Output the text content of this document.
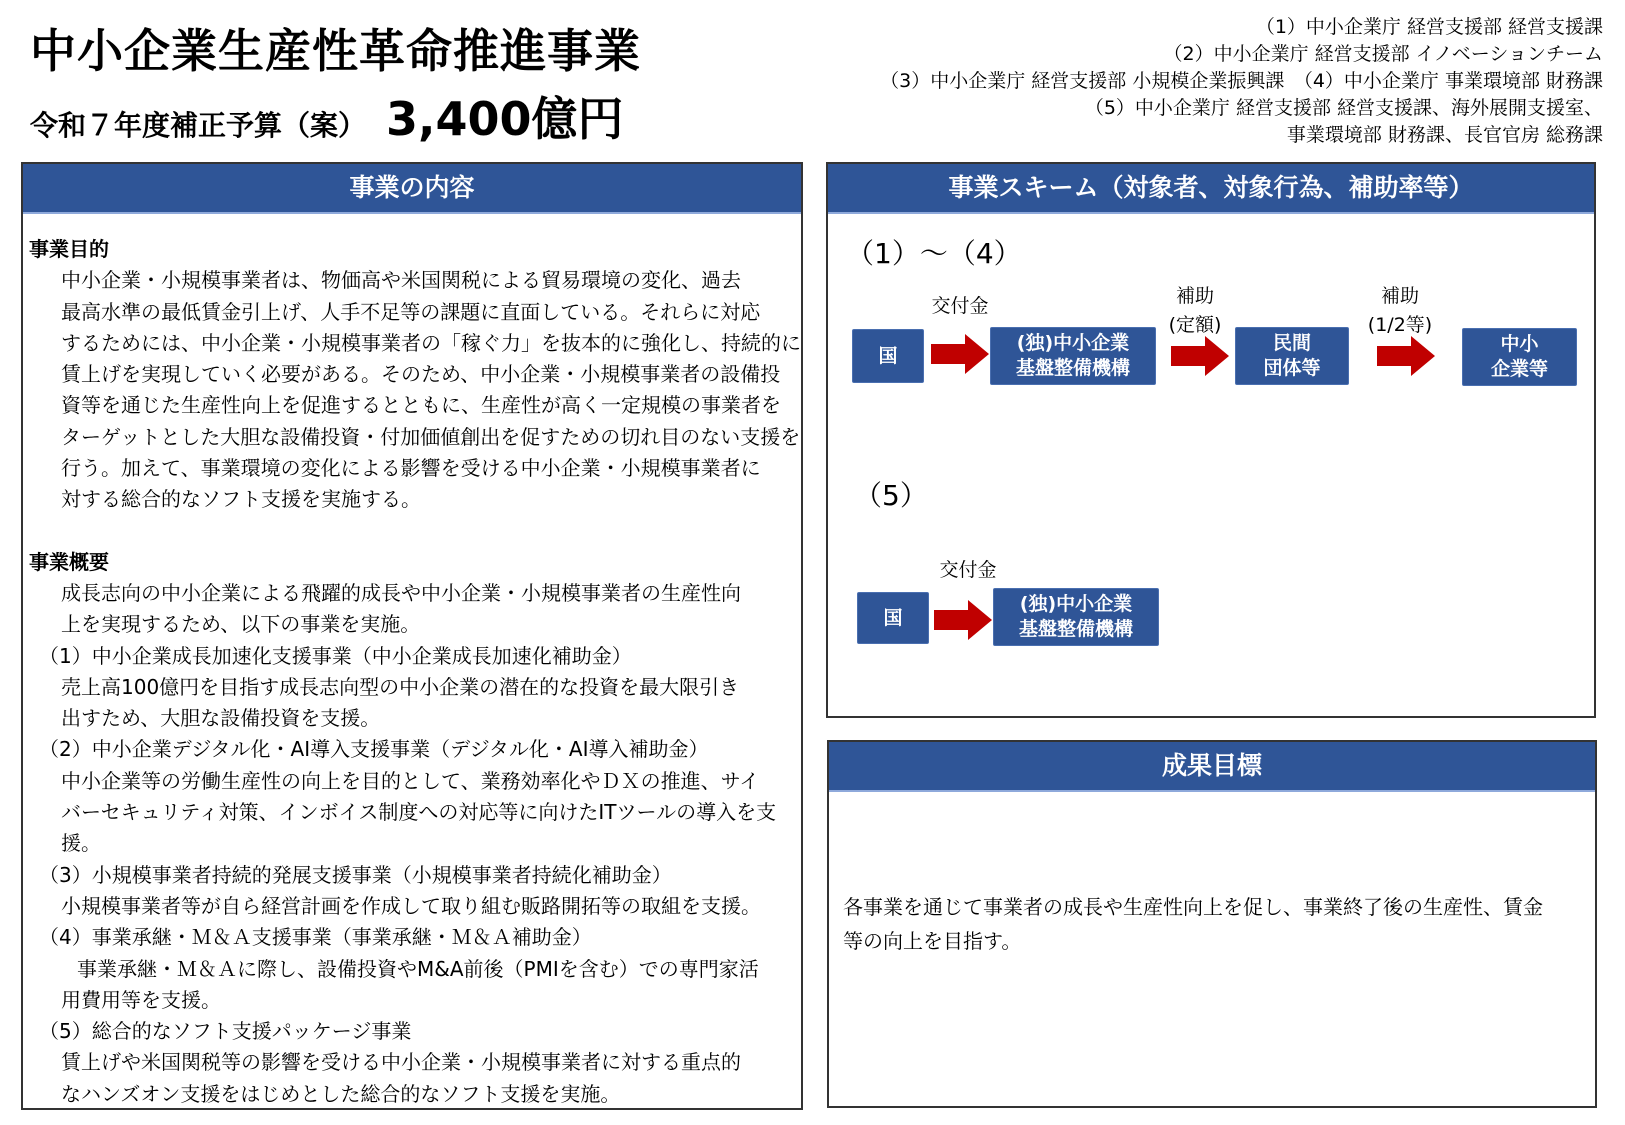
中小企業生産性革命推進事業
令和７年度補正予算（案） 3,400億円
（1）中小企業庁 経営支援部 経営支援課
（2）中小企業庁 経営支援部 イノベーションチーム
（3）中小企業庁 経営支援部 小規模企業振興課　（4）中小企業庁 事業環境部 財務課
（5）中小企業庁 経営支援部 経営支援課、海外展開支援室、
事業環境部 財務課、長官官房 総務課
事業の内容
事業目的
中小企業・小規模事業者は、物価高や米国関税による貿易環境の変化、過去
最高水準の最低賃金引上げ、人手不足等の課題に直面している。それらに対応
するためには、中小企業・小規模事業者の「稼ぐ力」を抜本的に強化し、持続的に
賃上げを実現していく必要がある。そのため、中小企業・小規模事業者の設備投
資等を通じた生産性向上を促進するとともに、生産性が高く一定規模の事業者を
ターゲットとした大胆な設備投資・付加価値創出を促すための切れ目のない支援を
行う。加えて、事業環境の変化による影響を受ける中小企業・小規模事業者に
対する総合的なソフト支援を実施する。
事業概要
成長志向の中小企業による飛躍的成長や中小企業・小規模事業者の生産性向
上を実現するため、以下の事業を実施。
（1）中小企業成長加速化支援事業（中小企業成長加速化補助金）
売上高100億円を目指す成長志向型の中小企業の潜在的な投資を最大限引き
出すため、大胆な設備投資を支援。
（2）中小企業デジタル化・AI導入支援事業（デジタル化・AI導入補助金）
中小企業等の労働生産性の向上を目的として、業務効率化やＤＸの推進、サイ
バーセキュリティ対策、インボイス制度への対応等に向けたITツールの導入を支援。
（3）小規模事業者持続的発展支援事業（小規模事業者持続化補助金）
小規模事業者等が自ら経営計画を作成して取り組む販路開拓等の取組を支援。
（4）事業承継・Ｍ＆Ａ支援事業（事業承継・Ｍ＆Ａ補助金）
事業承継・Ｍ＆Ａに際し、設備投資やM&A前後（PMIを含む）での専門家活
用費用等を支援。
（5）総合的なソフト支援パッケージ事業
賃上げや米国関税等の影響を受ける中小企業・小規模事業者に対する重点的
なハンズオン支援をはじめとした総合的なソフト支援を実施。
事業スキーム（対象者、対象行為、補助率等）
（1）～（4）
国
交付金
(独)中小企業
基盤整備機構
補助
(定額)
民間
団体等
補助
(1/2等)
中小
企業等
（5）
国
交付金
(独)中小企業
基盤整備機構
成果目標
各事業を通じて事業者の成長や生産性向上を促し、事業終了後の生産性、賃金
等の向上を目指す。
